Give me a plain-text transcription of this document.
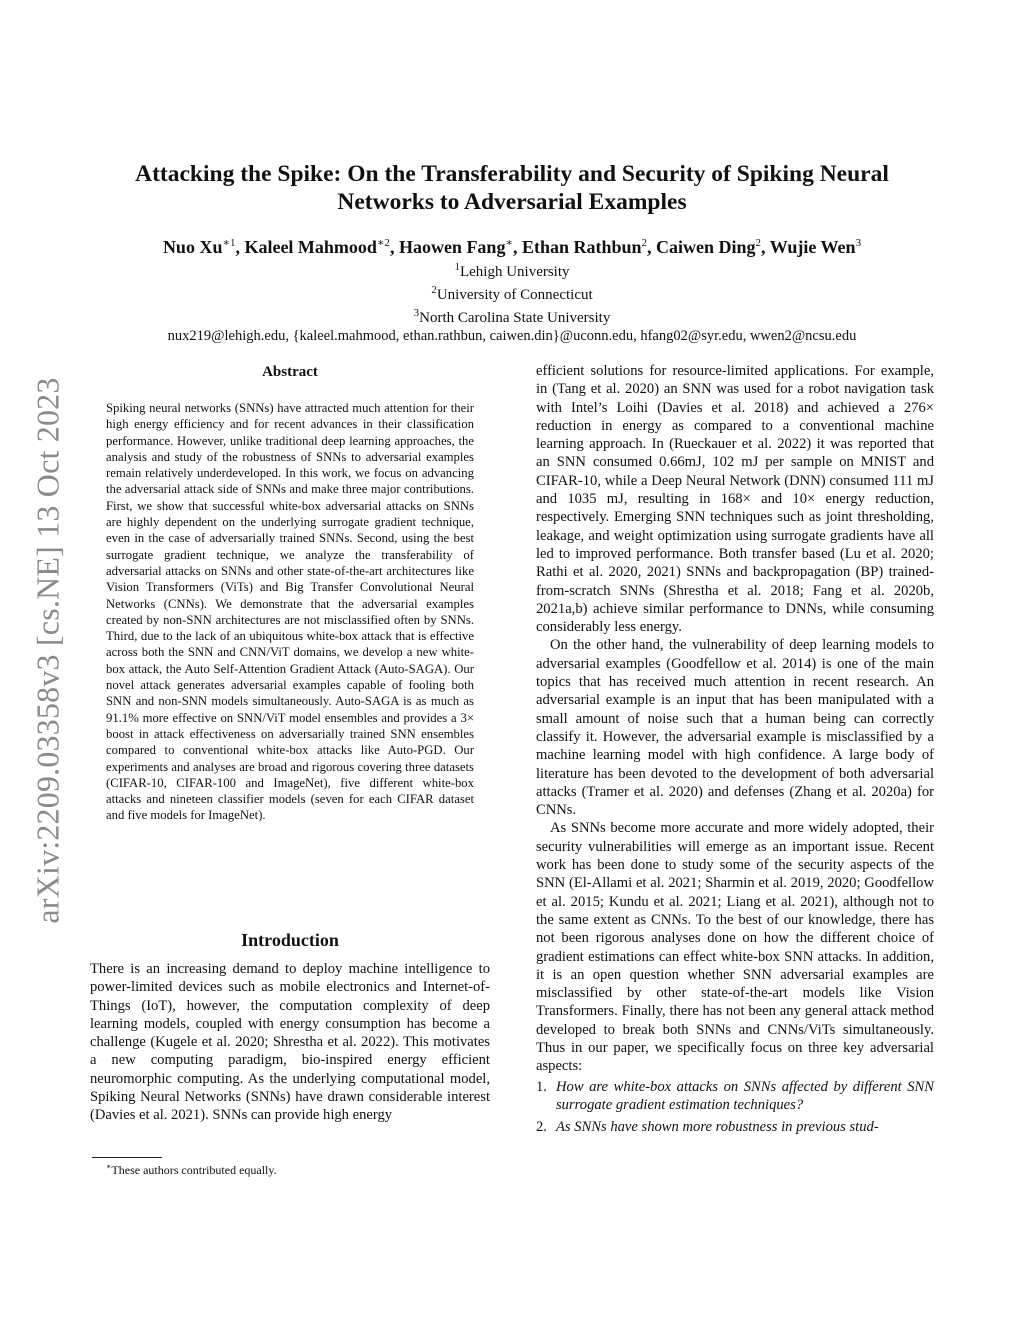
arXiv:2209.03358v3 [cs.NE] 13 Oct 2023
Attacking the Spike: On the Transferability and Security of Spiking Neural Networks to Adversarial Examples
Nuo $Xu^{∗1}$, Kaleel Mahmood$^{∗2}$, Haowen Fang∗, Ethan Rathbun$^2$, Caiwen Ding$^2$, Wujie Wen$^3$
$^1$Lehigh University
$^2$University of Connecticut
$^3$North Carolina State University
nux219@lehigh.edu, {kaleel.mahmood, ethan.rathbun, caiwen.din}@uconn.edu, hfang02@syr.edu, wwen2@ncsu.edu
Abstract

Spiking neural networks (SNNs) have attracted much attention for their high energy efficiency and for recent advances in their classification performance. However, unlike traditional deep learning approaches, the analysis and study of the robustness of SNNs to adversarial examples remain relatively underdeveloped. In this work, we focus on advancing the adversarial attack side of SNNs and make three major contributions. First, we show that successful white-box adversarial attacks on SNNs are highly dependent on the underlying surrogate gradient technique, even in the case of adversarially trained SNNs. Second, using the best surrogate gradient technique, we analyze the transferability of adversarial attacks on SNNs and other state-of-the-art architectures like Vision Transformers (ViTs) and Big Transfer Convolutional Neural Networks (CNNs). We demonstrate that the adversarial examples created by non-SNN architectures are not misclassified often by SNNs. Third, due to the lack of an ubiquitous white-box attack that is effective across both the SNN and CNN/ViT domains, we develop a new white-box attack, the Auto Self-Attention Gradient Attack (Auto-SAGA). Our novel attack generates adversarial examples capable of fooling both SNN and non-SNN models simultaneously. Auto-SAGA is as much as 91.1% more effective on SNN/ViT model ensembles and provides a 3× boost in attack effectiveness on adversarially trained SNN ensembles compared to conventional white-box attacks like Auto-PGD. Our experiments and analyses are broad and rigorous covering three datasets (CIFAR-10, CIFAR-100 and ImageNet), five different white-box attacks and nineteen classifier models (seven for each CIFAR dataset and five models for ImageNet).

Introduction

There is an increasing demand to deploy machine intelligence to power-limited devices such as mobile electronics and Internet-of-Things (IoT), however, the computation complexity of deep learning models, coupled with energy consumption has become a challenge (Kugele et al. 2020; Shrestha et al. 2022). This motivates a new computing paradigm, bio-inspired energy efficient neuromorphic computing. As the underlying computational model, Spiking Neural Networks (SNNs) have drawn considerable interest (Davies et al. 2021). SNNs can provide high energy

∗These authors contributed equally.

efficient solutions for resource-limited applications. For example, in (Tang et al. 2020) an SNN was used for a robot navigation task with Intel’s Loihi (Davies et al. 2018) and achieved a 276× reduction in energy as compared to a conventional machine learning approach. In (Rueckauer et al. 2022) it was reported that an SNN consumed 0.66mJ, 102 mJ per sample on MNIST and CIFAR-10, while a Deep Neural Network (DNN) consumed 111 mJ and 1035 mJ, resulting in 168× and 10× energy reduction, respectively. Emerging SNN techniques such as joint thresholding, leakage, and weight optimization using surrogate gradients have all led to improved performance. Both transfer based (Lu et al. 2020; Rathi et al. 2020, 2021) SNNs and backpropagation (BP) trained-from-scratch SNNs (Shrestha et al. 2018; Fang et al. 2020b, 2021a,b) achieve similar performance to DNNs, while consuming considerably less energy.

On the other hand, the vulnerability of deep learning models to adversarial examples (Goodfellow et al. 2014) is one of the main topics that has received much attention in recent research. An adversarial example is an input that has been manipulated with a small amount of noise such that a human being can correctly classify it. However, the adversarial example is misclassified by a machine learning model with high confidence. A large body of literature has been devoted to the development of both adversarial attacks (Tramer et al. 2020) and defenses (Zhang et al. 2020a) for CNNs.

As SNNs become more accurate and more widely adopted, their security vulnerabilities will emerge as an important issue. Recent work has been done to study some of the security aspects of the SNN (El-Allami et al. 2021; Sharmin et al. 2019, 2020; Goodfellow et al. 2015; Kundu et al. 2021; Liang et al. 2021), although not to the same extent as CNNs. To the best of our knowledge, there has not been rigorous analyses done on how the different choice of gradient estimations can effect white-box SNN attacks. In addition, it is an open question whether SNN adversarial examples are misclassified by other state-of-the-art models like Vision Transformers. Finally, there has not been any general attack method developed to break both SNNs and CNNs/ViTs simultaneously. Thus in our paper, we specifically focus on three key adversarial aspects:

1. How are white-box attacks on SNNs affected by different SNN surrogate gradient estimation techniques?
2. As SNNs have shown more robustness in previous stud-
